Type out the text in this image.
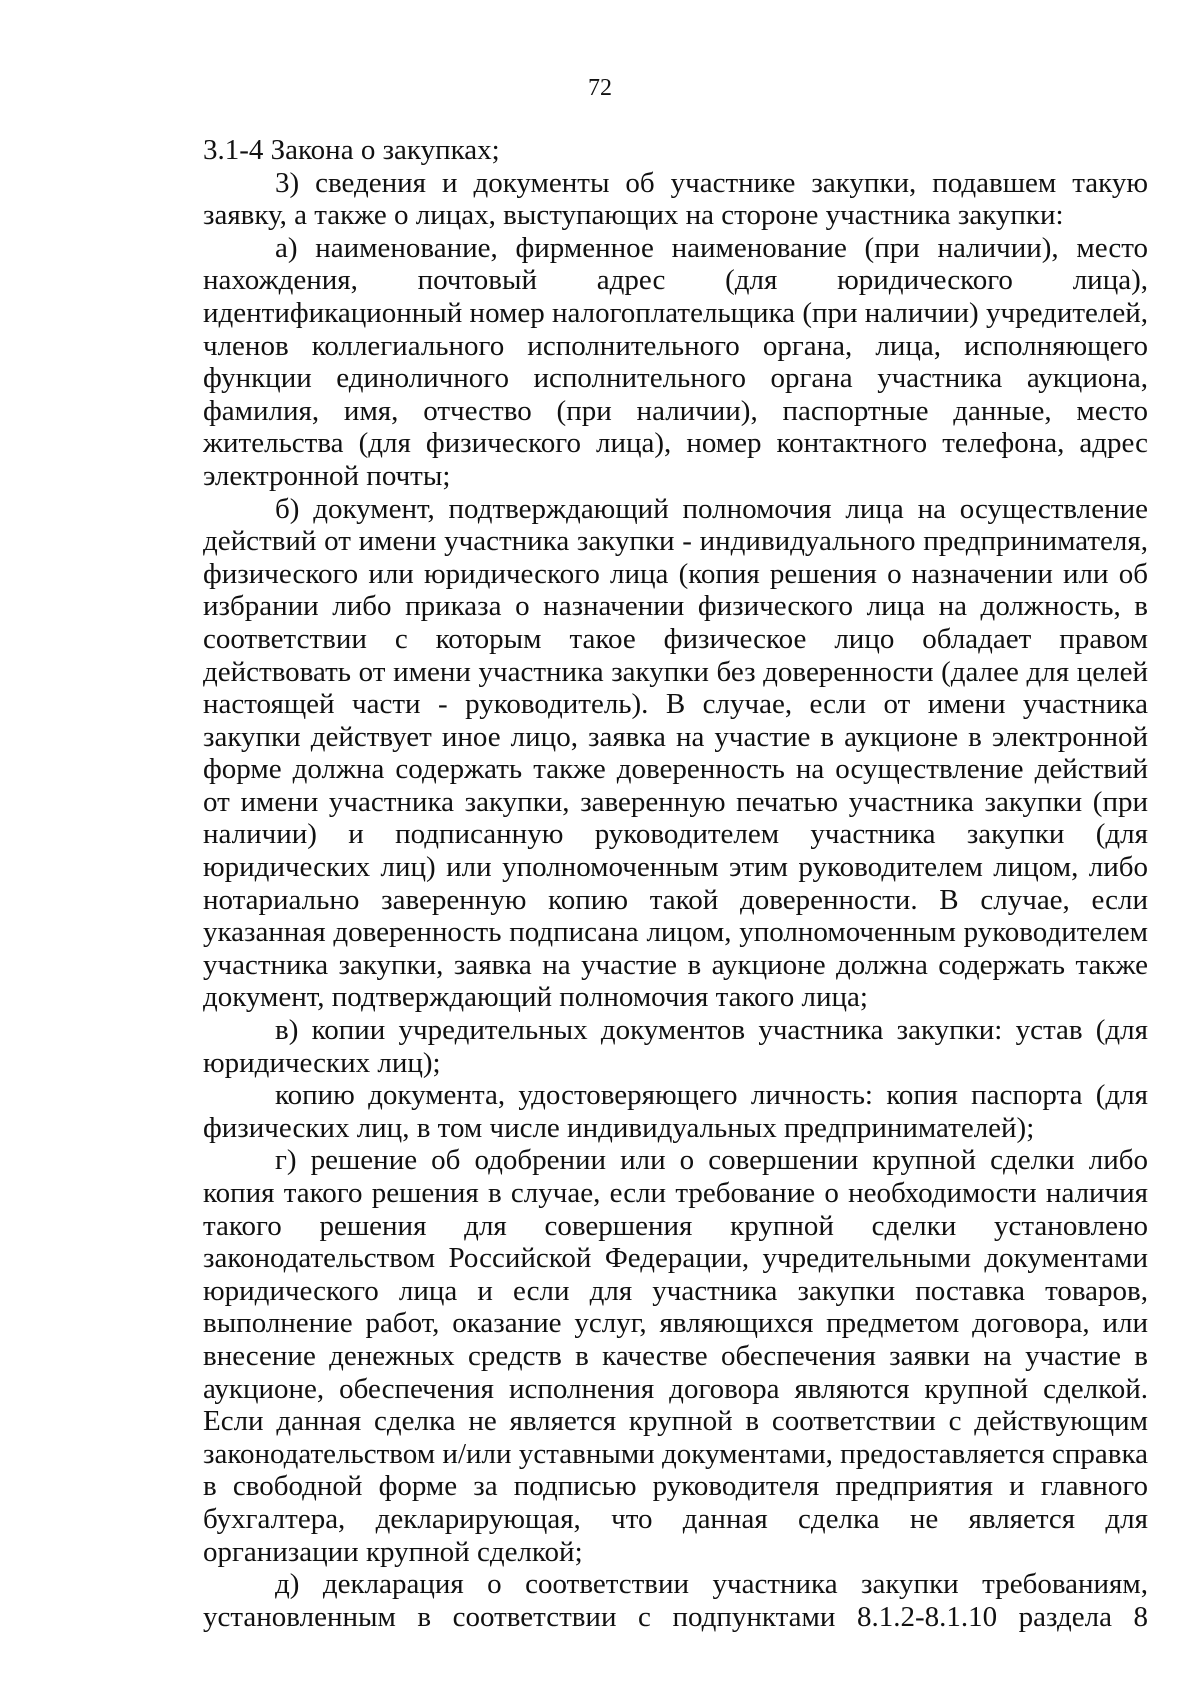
72

3.1-4 Закона о закупках;

3) сведения и документы об участнике закупки, подавшем такую заявку, а также о лицах, выступающих на стороне участника закупки:

а) наименование, фирменное наименование (при наличии), место нахождения, почтовый адрес (для юридического лица), идентификационный номер налогоплательщика (при наличии) учредителей, членов коллегиального исполнительного органа, лица, исполняющего функции единоличного исполнительного органа участника аукциона, фамилия, имя, отчество (при наличии), паспортные данные, место жительства (для физического лица), номер контактного телефона, адрес электронной почты;

б) документ, подтверждающий полномочия лица на осуществление действий от имени участника закупки - индивидуального предпринимателя, физического или юридического лица (копия решения о назначении или об избрании либо приказа о назначении физического лица на должность, в соответствии с которым такое физическое лицо обладает правом действовать от имени участника закупки без доверенности (далее для целей настоящей части - руководитель). В случае, если от имени участника закупки действует иное лицо, заявка на участие в аукционе в электронной форме должна содержать также доверенность на осуществление действий от имени участника закупки, заверенную печатью участника закупки (при наличии) и подписанную руководителем участника закупки (для юридических лиц) или уполномоченным этим руководителем лицом, либо нотариально заверенную копию такой доверенности. В случае, если указанная доверенность подписана лицом, уполномоченным руководителем участника закупки, заявка на участие в аукционе должна содержать также документ, подтверждающий полномочия такого лица;

в) копии учредительных документов участника закупки: устав (для юридических лиц);

копию документа, удостоверяющего личность: копия паспорта (для физических лиц, в том числе индивидуальных предпринимателей);

г) решение об одобрении или о совершении крупной сделки либо копия такого решения в случае, если требование о необходимости наличия такого решения для совершения крупной сделки установлено законодательством Российской Федерации, учредительными документами юридического лица и если для участника закупки поставка товаров, выполнение работ, оказание услуг, являющихся предметом договора, или внесение денежных средств в качестве обеспечения заявки на участие в аукционе, обеспечения исполнения договора являются крупной сделкой. Если данная сделка не является крупной в соответствии с действующим законодательством и/или уставными документами, предоставляется справка в свободной форме за подписью руководителя предприятия и главного бухгалтера, декларирующая, что данная сделка не является для организации крупной сделкой;

д) декларация о соответствии участника закупки требованиям, установленным в соответствии с подпунктами 8.1.2-8.1.10 раздела 8
